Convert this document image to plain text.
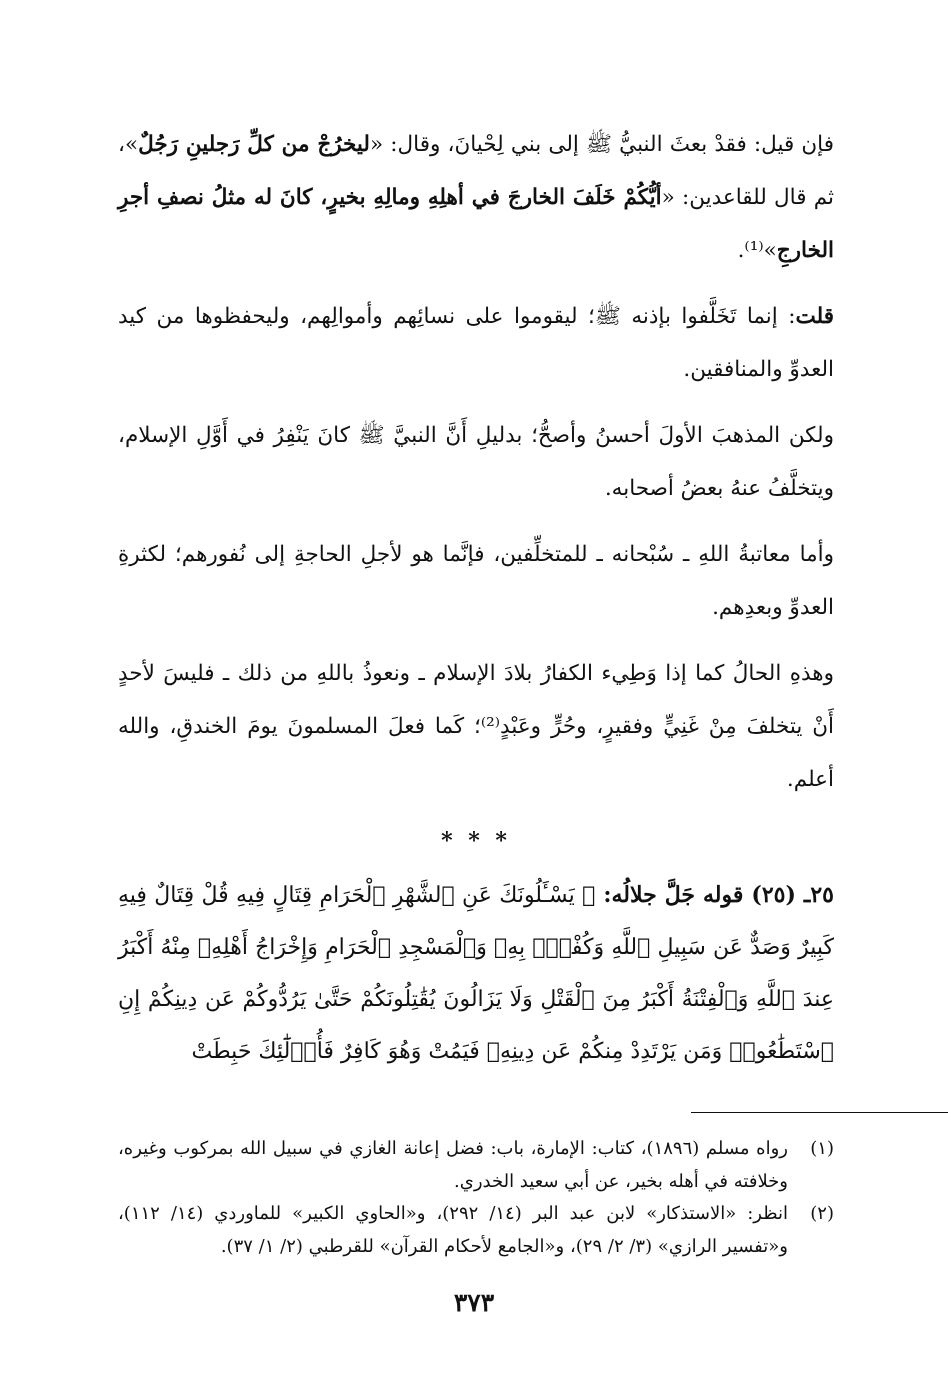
فإن قيل: فقدْ بعثَ النبيُّ ﷺ إلى بني لِحْيانَ، وقال: «ليخرُجْ من كلِّ رَجلينِ رَجُلٌ»، ثم قال للقاعدين: «أيُّكُمْ خَلَفَ الخارجَ في أهلِهِ ومالِهِ بخيرٍ، كانَ له مثلُ نصفِ أجرِ الخارجِ»⁽¹⁾.

قلت: إنما تَخَلَّفوا بإذنه ﷺ؛ ليقوموا على نسائِهم وأموالِهم، وليحفظوها من كيد العدوِّ والمنافقين.

ولكن المذهبَ الأولَ أحسنُ وأصحُّ؛ بدليلِ أَنَّ النبيَّ ﷺ كانَ يَنْفِرُ في أَوَّلِ الإسلام، ويتخلَّفُ عنهُ بعضُ أصحابه.

وأما معاتبةُ اللهِ ـ سُبْحانه ـ للمتخلِّفين، فإنَّما هو لأجلِ الحاجةِ إلى نُفورهم؛ لكثرةِ العدوِّ وبعدِهم.

وهذهِ الحالُ كما إذا وَطِيء الكفارُ بلادَ الإسلام ـ ونعوذُ باللهِ من ذلك ـ فليسَ لأحدٍ أَنْ يتخلفَ مِنْ غَنِيٍّ وفقيرٍ، وحُرٍّ وعَبْدٍ⁽²⁾؛ كَما فعلَ المسلمونَ يومَ الخندقِ، والله أعلم.

* * *

٢٥ـ (٢٥) قوله جَلَّ جلالُه: ﴿ يَسْـَٔلُونَكَ عَنِ ٱلشَّهْرِ ٱلْحَرَامِ قِتَالٍ فِيهِ قُلْ قِتَالٌ فِيهِ كَبِيرٌ وَصَدٌّ عَن سَبِيلِ ٱللَّهِ وَكُفْرٌۢ بِهِۦ وَٱلْمَسْجِدِ ٱلْحَرَامِ وَإِخْرَاجُ أَهْلِهِۦ مِنْهُ أَكْبَرُ عِندَ ٱللَّهِ وَٱلْفِتْنَةُ أَكْبَرُ مِنَ ٱلْقَتْلِ وَلَا يَزَالُونَ يُقَٰتِلُونَكُمْ حَتَّىٰ يَرُدُّوكُمْ عَن دِينِكُمْ إِنِ ٱسْتَطَٰعُوا۟ وَمَن يَرْتَدِدْ مِنكُمْ عَن دِينِهِۦ فَيَمُتْ وَهُوَ كَافِرٌ فَأُو۟لَٰٓئِكَ حَبِطَتْ

(١)
رواه مسلم (١٨٩٦)، كتاب: الإمارة، باب: فضل إعانة الغازي في سبيل الله بمركوب وغيره، وخلافته في أهله بخير، عن أبي سعيد الخدري.
(٢)
انظر: «الاستذكار» لابن عبد البر (١٤/ ٢٩٢)، و«الحاوي الكبير» للماوردي (١٤/ ١١٢)، و«تفسير الرازي» (٣/ ٢/ ٢٩)، و«الجامع لأحكام القرآن» للقرطبي (٢/ ١/ ٣٧).
٣٧٣
